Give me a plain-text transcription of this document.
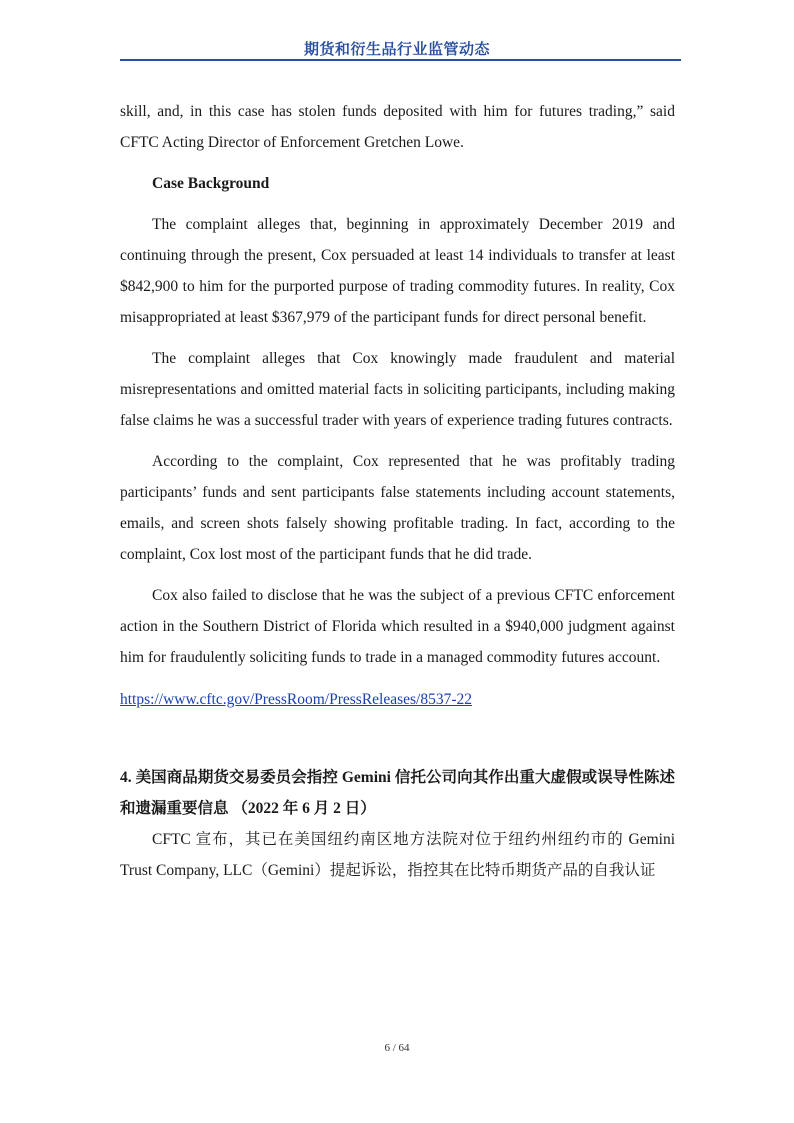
期货和衍生品行业监管动态

skill, and, in this case has stolen funds deposited with him for futures trading,” said CFTC Acting Director of Enforcement Gretchen Lowe.

Case Background

The complaint alleges that, beginning in approximately December 2019 and continuing through the present, Cox persuaded at least 14 individuals to transfer at least $842,900 to him for the purported purpose of trading commodity futures. In reality, Cox misappropriated at least $367,979 of the participant funds for direct personal benefit.

The complaint alleges that Cox knowingly made fraudulent and material misrepresentations and omitted material facts in soliciting participants, including making false claims he was a successful trader with years of experience trading futures contracts.

According to the complaint, Cox represented that he was profitably trading participants’ funds and sent participants false statements including account statements, emails, and screen shots falsely showing profitable trading. In fact, according to the complaint, Cox lost most of the participant funds that he did trade.

Cox also failed to disclose that he was the subject of a previous CFTC enforcement action in the Southern District of Florida which resulted in a $940,000 judgment against him for fraudulently soliciting funds to trade in a managed commodity futures account.

https://www.cftc.gov/PressRoom/PressReleases/8537-22

4. 美国商品期货交易委员会指控 Gemini 信托公司向其作出重大虚假或误导性陈述和遗漏重要信息 （2022 年 6 月 2 日）

CFTC 宣布，其已在美国纽约南区地方法院对位于纽约州纽约市的 Gemini Trust Company, LLC（Gemini）提起诉讼，指控其在比特币期货产品的自我认证

6 / 64
